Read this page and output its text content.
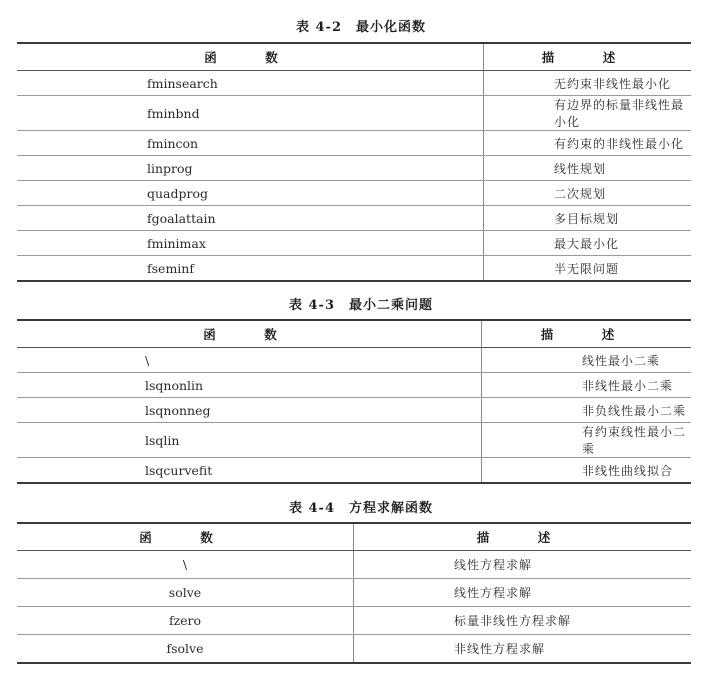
表 4-2 最小化函数
函　数	描　述
fminsearch	无约束非线性最小化
fminbnd	有边界的标量非线性最小化
fmincon	有约束的非线性最小化
linprog	线性规划
quadprog	二次规划
fgoalattain	多目标规划
fminimax	最大最小化
fseminf	半无限问题
表 4-3 最小二乘问题
函　数	描　述
\	线性最小二乘
lsqnonlin	非线性最小二乘
lsqnonneg	非负线性最小二乘
lsqlin	有约束线性最小二乘
lsqcurvefit	非线性曲线拟合
表 4-4 方程求解函数
函　数	描　述
\	线性方程求解
solve	线性方程求解
fzero	标量非线性方程求解
fsolve	非线性方程求解
